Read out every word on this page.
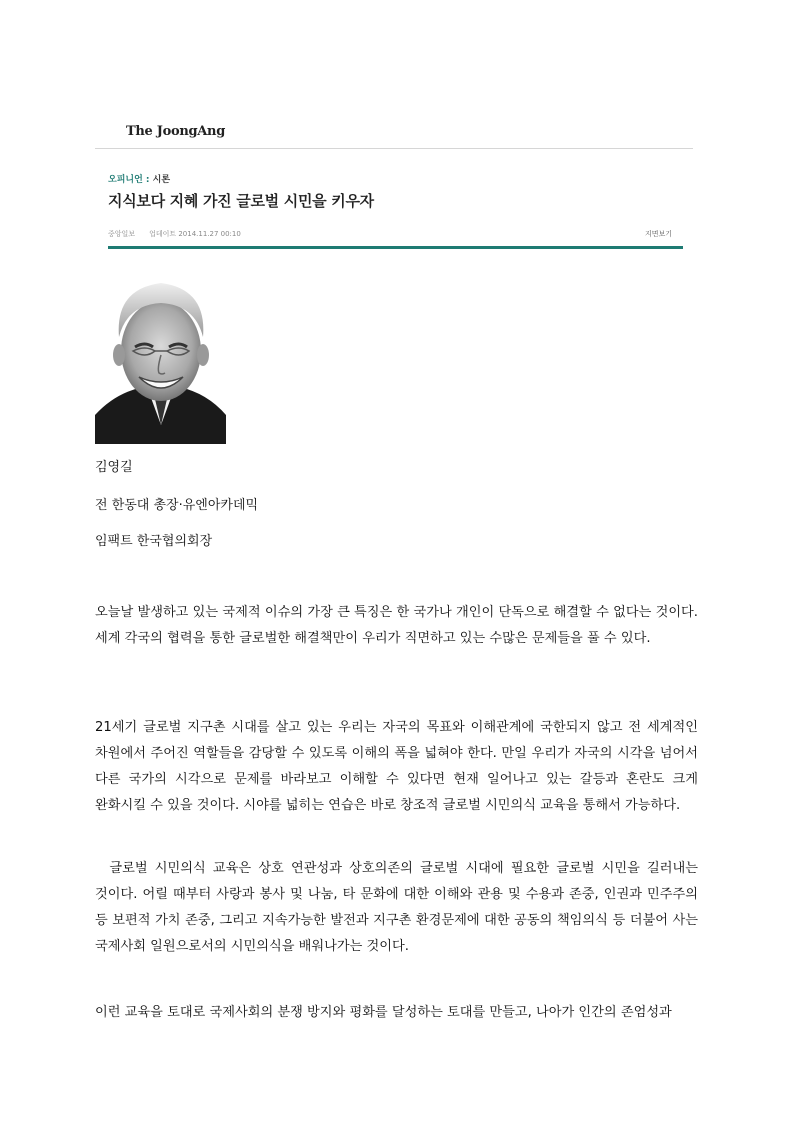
The JoongAng
오피니언 : 시론
지식보다 지혜 가진 글로벌 시민을 키우자
중앙일보 업데이트 2014.11.27 00:10	지면보기
김영길
전 한동대 총장·유엔아카데믹
임팩트 한국협의회장
오늘날 발생하고 있는 국제적 이슈의 가장 큰 특징은 한 국가나 개인이 단독으로 해결할 수 없다는 것이다. 세계 각국의 협력을 통한 글로벌한 해결책만이 우리가 직면하고 있는 수많은 문제들을 풀 수 있다.
21세기 글로벌 지구촌 시대를 살고 있는 우리는 자국의 목표와 이해관계에 국한되지 않고 전 세계적인 차원에서 주어진 역할들을 감당할 수 있도록 이해의 폭을 넓혀야 한다. 만일 우리가 자국의 시각을 넘어서 다른 국가의 시각으로 문제를 바라보고 이해할 수 있다면 현재 일어나고 있는 갈등과 혼란도 크게 완화시킬 수 있을 것이다. 시야를 넓히는 연습은 바로 창조적 글로벌 시민의식 교육을 통해서 가능하다.
글로벌 시민의식 교육은 상호 연관성과 상호의존의 글로벌 시대에 필요한 글로벌 시민을 길러내는 것이다. 어릴 때부터 사랑과 봉사 및 나눔, 타 문화에 대한 이해와 관용 및 수용과 존중, 인권과 민주주의 등 보편적 가치 존중, 그리고 지속가능한 발전과 지구촌 환경문제에 대한 공동의 책임의식 등 더불어 사는 국제사회 일원으로서의 시민의식을 배워나가는 것이다.
이런 교육을 토대로 국제사회의 분쟁 방지와 평화를 달성하는 토대를 만들고, 나아가 인간의 존엄성과
